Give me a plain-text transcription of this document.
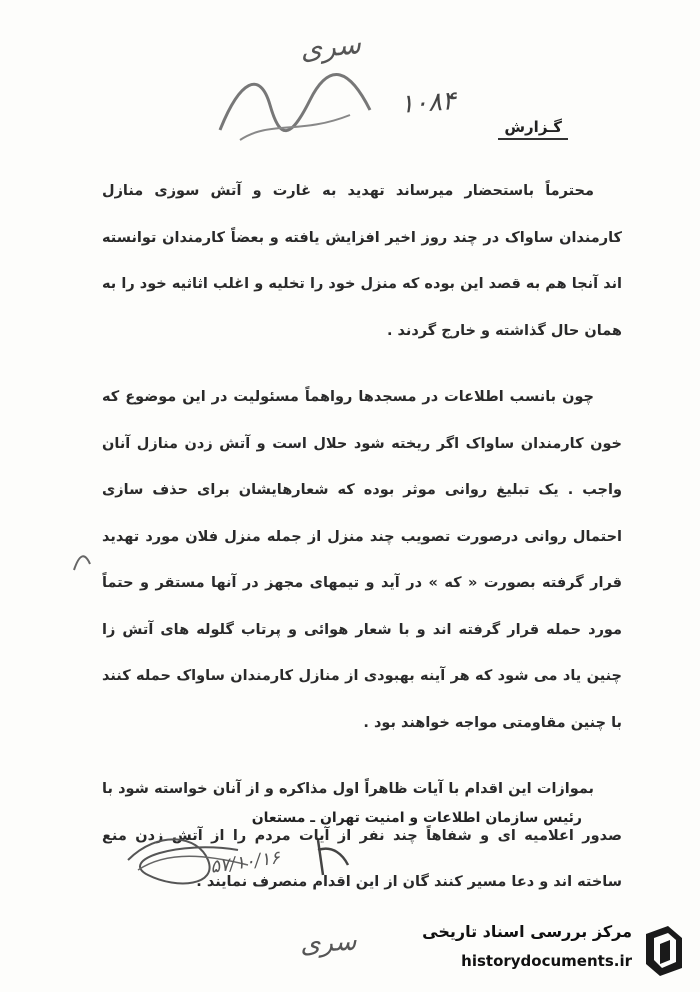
سری
۱۰۸۴
گـزارش

محترماً باستحضار میرساند تهدید به غارت و آتش سوزی منازل کارمندان ساواک در چند روز اخیر افزایش یافته و بعضاً کارمندان توانسته اند آنجا هم به قصد این بوده که منزل خود را تخلیه و اغلب اثاثیه خود را به همان حال گذاشته و خارج گردند .

چون بانسب اطلاعات در مسجدها رواهماً مسئولیت در این موضوع که خون کارمندان ساواک اگر ریخته شود حلال است و آتش زدن منازل آنان واجب . یک تبلیغ روانی موثر بوده که شعارهایشان برای حذف سازی احتمال روانی درصورت تصویب چند منزل از جمله منزل فلان مورد تهدید قرار گرفته بصورت « که » در آید و تیمهای مجهز در آنها مستقر و حتماً مورد حمله قرار گرفته اند و با شعار هوائی و پرتاب گلوله های آتش زا چنین یاد می شود که هر آینه بهبودی از منازل کارمندان ساواک حمله کنند با چنین مقاومتی مواجه خواهند بود .

بموازات این اقدام با آیات ظاهراً اول مذاکره و از آنان خواسته شود با صدور اعلامیه ای و شفاهاً چند نفر از آیات مردم را از آتش زدن منع ساخته اند و دعا مسیر کنند گان از این اقدام منصرف نمایند .

رئیس سازمان اطلاعات و امنیت تهران ـ مستعان
۵۷/۱۰/۱۶
سری	مرکز بررسی اسناد تاریخی
historydocuments.ir
